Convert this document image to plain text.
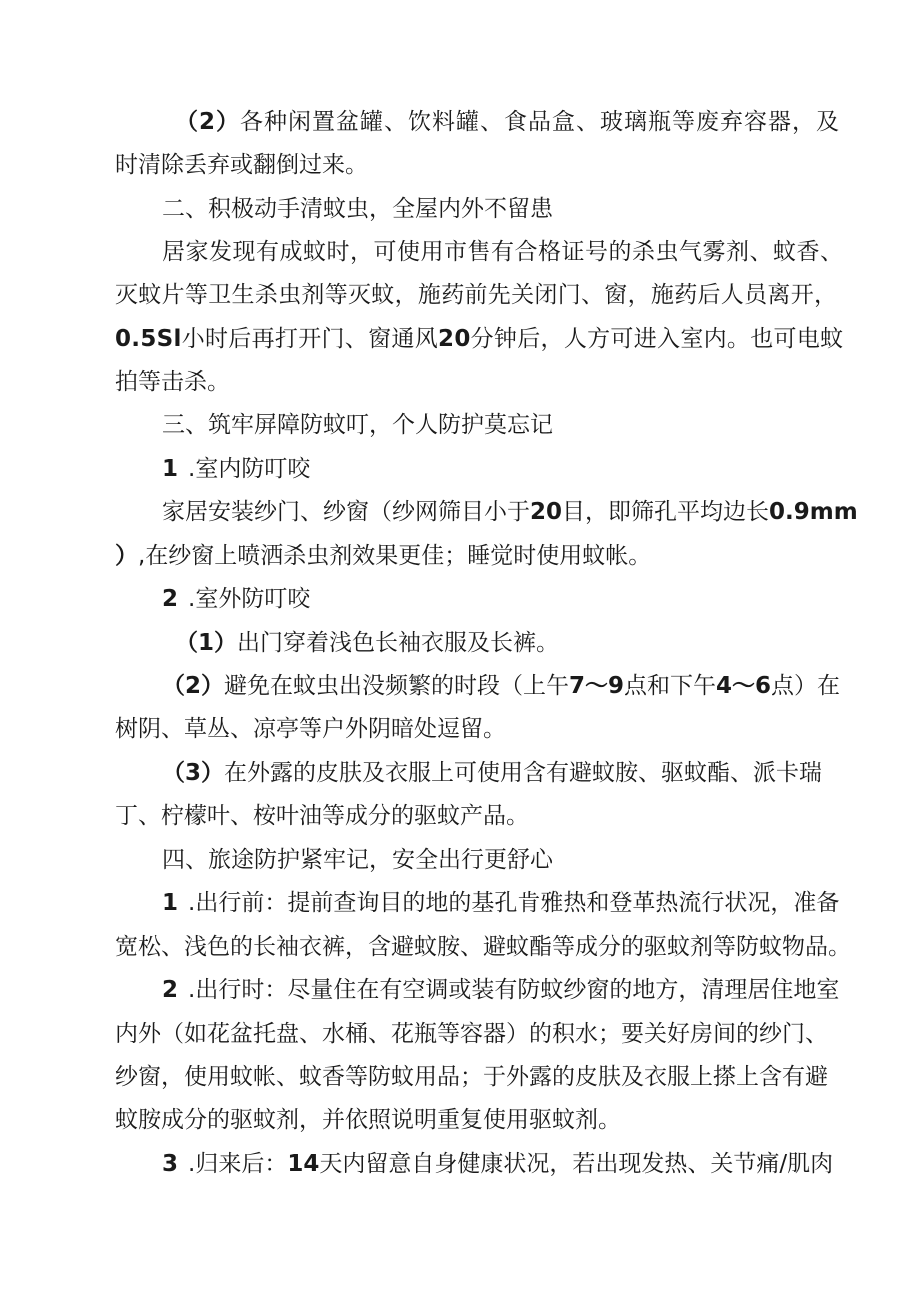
（2）各种闲置盆罐、饮料罐、食品盒、玻璃瓶等废弃容器，及
时清除丢弃或翻倒过来。
二、积极动手清蚊虫，全屋内外不留患
居家发现有成蚊时，可使用市售有合格证号的杀虫气雾剂、蚊香、
灭蚊片等卫生杀虫剂等灭蚊，施药前先关闭门、窗，施药后人员离开，
0.5Sl小时后再打开门、窗通风20分钟后，人方可进入室内。也可电蚊
拍等击杀。
三、筑牢屏障防蚊叮，个人防护莫忘记
1 .室内防叮咬
家居安装纱门、纱窗（纱网筛目小于20目，即筛孔平均边长0.9mm
）,在纱窗上喷洒杀虫剂效果更佳；睡觉时使用蚊帐。
2 .室外防叮咬
（1）出门穿着浅色长袖衣服及长裤。
（2）避免在蚊虫出没频繁的时段（上午7〜9点和下午4〜6点）在
树阴、草丛、凉亭等户外阴暗处逗留。
（3）在外露的皮肤及衣服上可使用含有避蚊胺、驱蚊酯、派卡瑞
丁、柠檬叶、桉叶油等成分的驱蚊产品。
四、旅途防护紧牢记，安全出行更舒心
1 .出行前：提前查询目的地的基孔肯雅热和登革热流行状况，准备
宽松、浅色的长袖衣裤，含避蚊胺、避蚊酯等成分的驱蚊剂等防蚊物品。
2 .出行时：尽量住在有空调或装有防蚊纱窗的地方，清理居住地室
内外（如花盆托盘、水桶、花瓶等容器）的积水；要关好房间的纱门、
纱窗，使用蚊帐、蚊香等防蚊用品；于外露的皮肤及衣服上搽上含有避
蚊胺成分的驱蚊剂，并依照说明重复使用驱蚊剂。
3 .归来后：14天内留意自身健康状况，若出现发热、关节痛/肌肉
